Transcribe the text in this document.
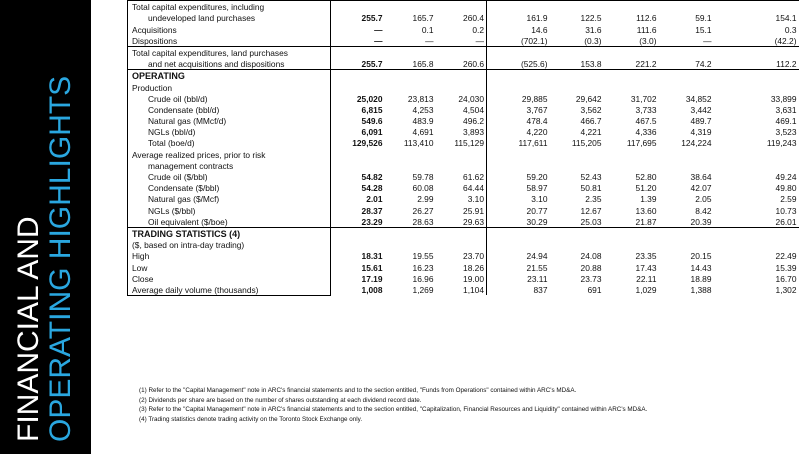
FINANCIAL AND OPERATING HIGHLIGHTS
Total capital expenditures, including								
undeveloped land purchases	255.7	165.7	260.4	161.9	122.5	112.6	59.1	154.1
Acquisitions	—	0.1	0.2	14.6	31.6	111.6	15.1	0.3
Dispositions	—	—	—	(702.1)	(0.3)	(3.0)	—	(42.2)
Total capital expenditures, land purchases								
and net acquisitions and dispositions	255.7	165.8	260.6	(525.6)	153.8	221.2	74.2	112.2
OPERATING								
Production								
Crude oil (bbl/d)	25,020	23,813	24,030	29,885	29,642	31,702	34,852	33,899
Condensate (bbl/d)	6,815	4,253	4,504	3,767	3,562	3,733	3,442	3,631
Natural gas (MMcf/d)	549.6	483.9	496.2	478.4	466.7	467.5	489.7	469.1
NGLs (bbl/d)	6,091	4,691	3,893	4,220	4,221	4,336	4,319	3,523
Total (boe/d)	129,526	113,410	115,129	117,611	115,205	117,695	124,224	119,243
Average realized prices, prior to risk								
management contracts								
Crude oil ($/bbl)	54.82	59.78	61.62	59.20	52.43	52.80	38.64	49.24
Condensate ($/bbl)	54.28	60.08	64.44	58.97	50.81	51.20	42.07	49.80
Natural gas ($/Mcf)	2.01	2.99	3.10	3.10	2.35	1.39	2.05	2.59
NGLs ($/bbl)	28.37	26.27	25.91	20.77	12.67	13.60	8.42	10.73
Oil equivalent ($/boe)	23.29	28.63	29.63	30.29	25.03	21.87	20.39	26.01
TRADING STATISTICS (4)								
($, based on intra-day trading)								
High	18.31	19.55	23.70	24.94	24.08	23.35	20.15	22.49
Low	15.61	16.23	18.26	21.55	20.88	17.43	14.43	15.39
Close	17.19	16.96	19.00	23.11	23.73	22.11	18.89	16.70
Average daily volume (thousands)	1,008	1,269	1,104	837	691	1,029	1,388	1,302
(1) Refer to the "Capital Management" note in ARC's financial statements and to the section entitled, "Funds from Operations" contained within ARC's MD&A.
(2) Dividends per share are based on the number of shares outstanding at each dividend record date.
(3) Refer to the "Capital Management" note in ARC's financial statements and to the section entitled, "Capitalization, Financial Resources and Liquidity" contained within ARC's MD&A.
(4) Trading statistics denote trading activity on the Toronto Stock Exchange only.
